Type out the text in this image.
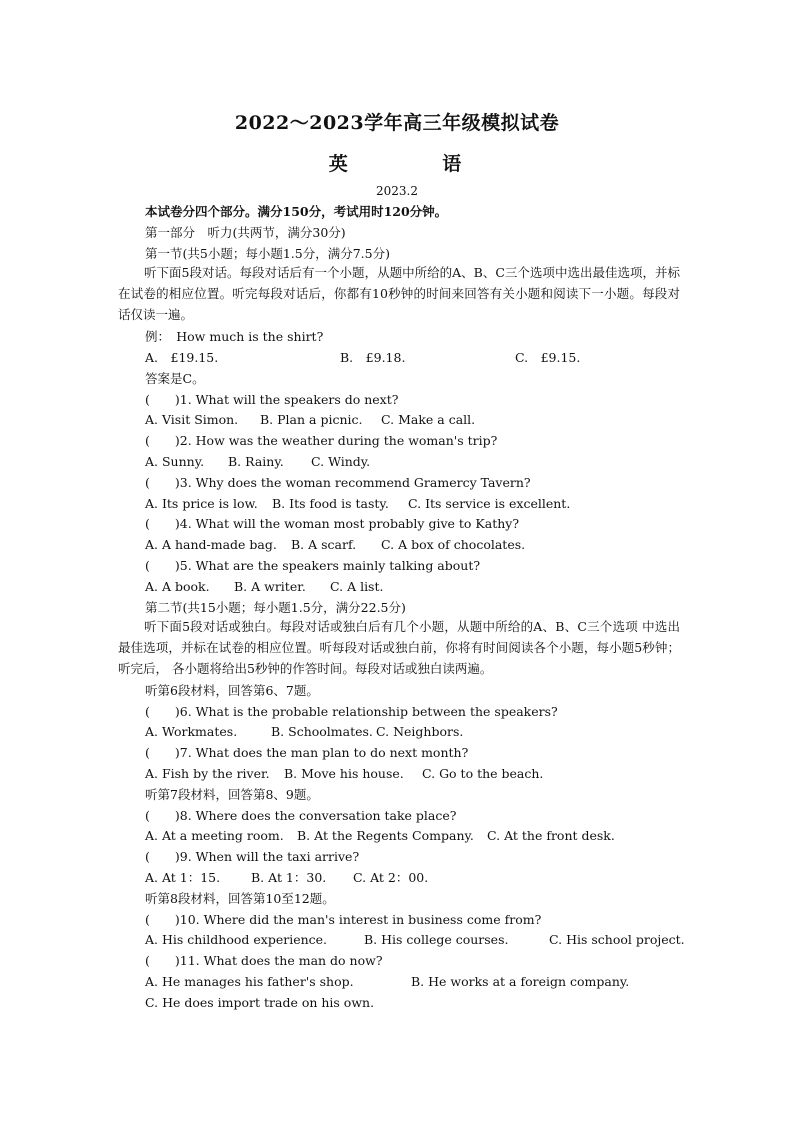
2022～2023学年高三年级模拟试卷
英 语
2023.2
本试卷分四个部分。满分150分，考试用时120分钟。
第一部分　听力(共两节，满分30分)
第一节(共5小题；每小题1.5分，满分7.5分)
听下面5段对话。每段对话后有一个小题，从题中所给的A、B、C三个选项中选出最佳选项，并标在试卷的相应位置。听完每段对话后，你都有10秒钟的时间来回答有关小题和阅读下一小题。每段对话仅读一遍。
例：　How much is the shirt?
A.　£19.15.	B.　£9.18.	C.　£9.15.
答案是C。
(　　)1. What will the speakers do next?
A. Visit Simon. B. Plan a picnic. C. Make a call.
(　　)2. How was the weather during the woman's trip?
A. Sunny. B. Rainy. C. Windy.
(　　)3. Why does the woman recommend Gramercy Tavern?
A. Its price is low. B. Its food is tasty. C. Its service is excellent.
(　　)4. What will the woman most probably give to Kathy?
A. A hand-made bag. B. A scarf. C. A box of chocolates.
(　　)5. What are the speakers mainly talking about?
A. A book. B. A writer. C. A list.
第二节(共15小题；每小题1.5分，满分22.5分)
听下面5段对话或独白。每段对话或独白后有几个小题，从题中所给的A、B、C三个选项 中选出最佳选项，并标在试卷的相应位置。听每段对话或独白前，你将有时间阅读各个小题，每小题5秒钟；听完后， 各小题将给出5秒钟的作答时间。每段对话或独白读两遍。
听第6段材料，回答第6、7题。
(　　)6. What is the probable relationship between the speakers?
A. Workmates.	B. Schoolmates. C. Neighbors.
(　　)7. What does the man plan to do next month?
A. Fish by the river. B. Move his house. C. Go to the beach.
听第7段材料，回答第8、9题。
(　　)8. Where does the conversation take place?
A. At a meeting room. B. At the Regents Company. C. At the front desk.
(　　)9. When will the taxi arrive?
A. At 1：15. B. At 1：30. C. At 2：00.
听第8段材料，回答第10至12题。
(　　)10. Where did the man's interest in business come from?
A. His childhood experience.	B. His college courses.	C. His school project.
(　　)11. What does the man do now?
A. He manages his father's shop.	B. He works at a foreign company.
C. He does import trade on his own.
